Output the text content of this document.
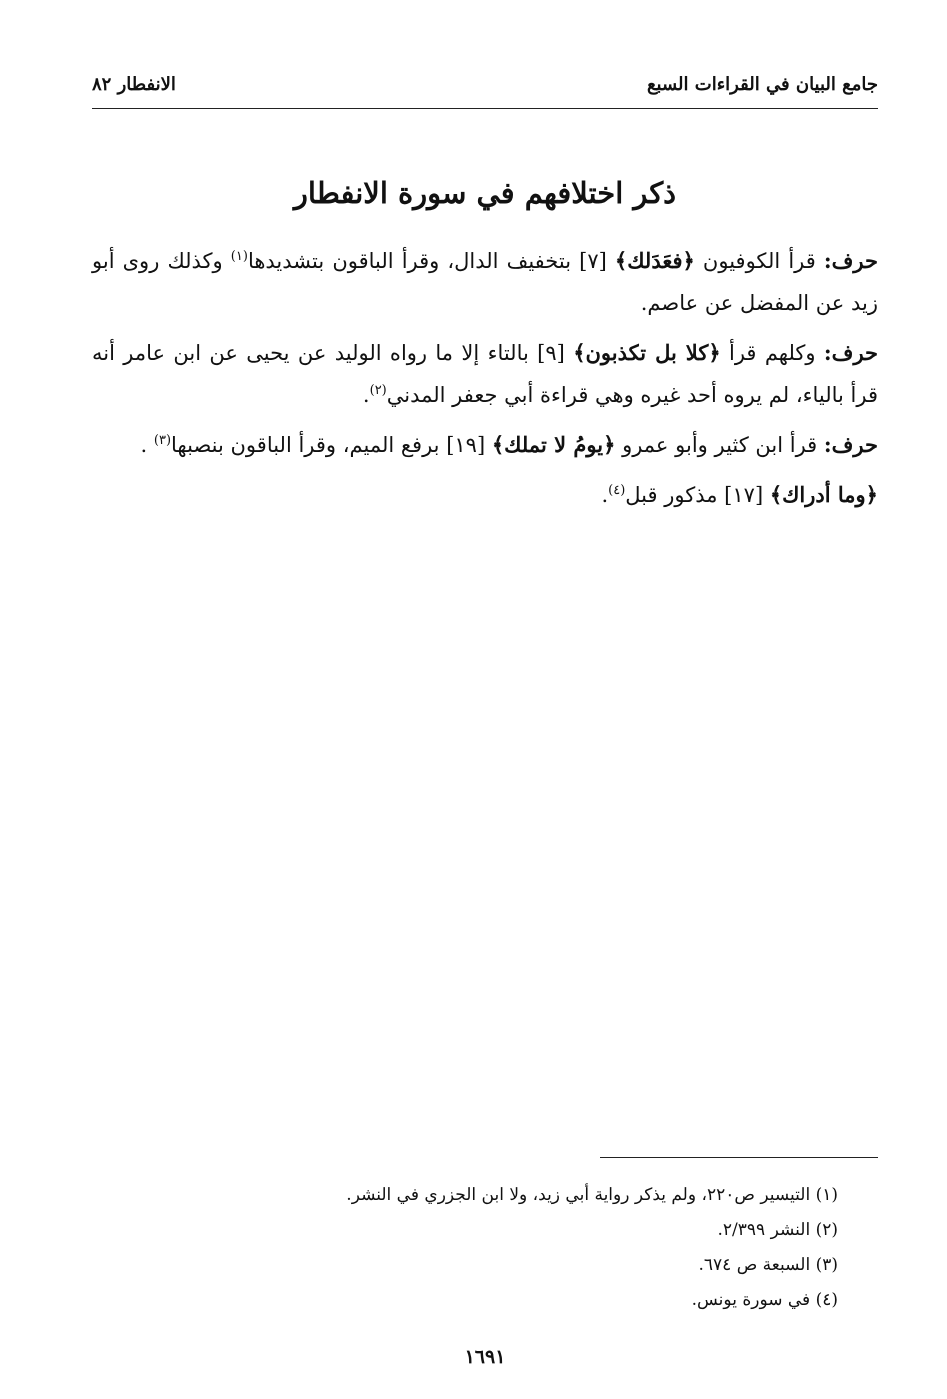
جامع البيان في القراءات السبع
الانفطار ٨٢
ذكر اختلافهم في سورة الانفطار

حرف: قرأ الكوفيون ﴿فعَدَلك﴾ [٧] بتخفيف الدال، وقرأ الباقون بتشديدها$^{(١)}$ وكذلك روى أبو زيد عن المفضل عن عاصم.

حرف: وكلهم قرأ ﴿كلا بل تكذبون﴾ [٩] بالتاء إلا ما رواه الوليد عن يحيى عن ابن عامر أنه قرأ بالياء، لم يروه أحد غيره وهي قراءة أبي جعفر المدني$^{(٢)}$.

حرف: قرأ ابن كثير وأبو عمرو ﴿يومُ لا تملك﴾ [١٩] برفع الميم، وقرأ الباقون بنصبها$^{(٣)}$ .

﴿وما أدراك﴾ [١٧] مذكور قبل$^{(٤)}$.

(١) التيسير ص٢٢٠، ولم يذكر رواية أبي زيد، ولا ابن الجزري في النشر.
(٢) النشر ٢/٣٩٩.
(٣) السبعة ص ٦٧٤.
(٤) في سورة يونس.
١٦٩١
